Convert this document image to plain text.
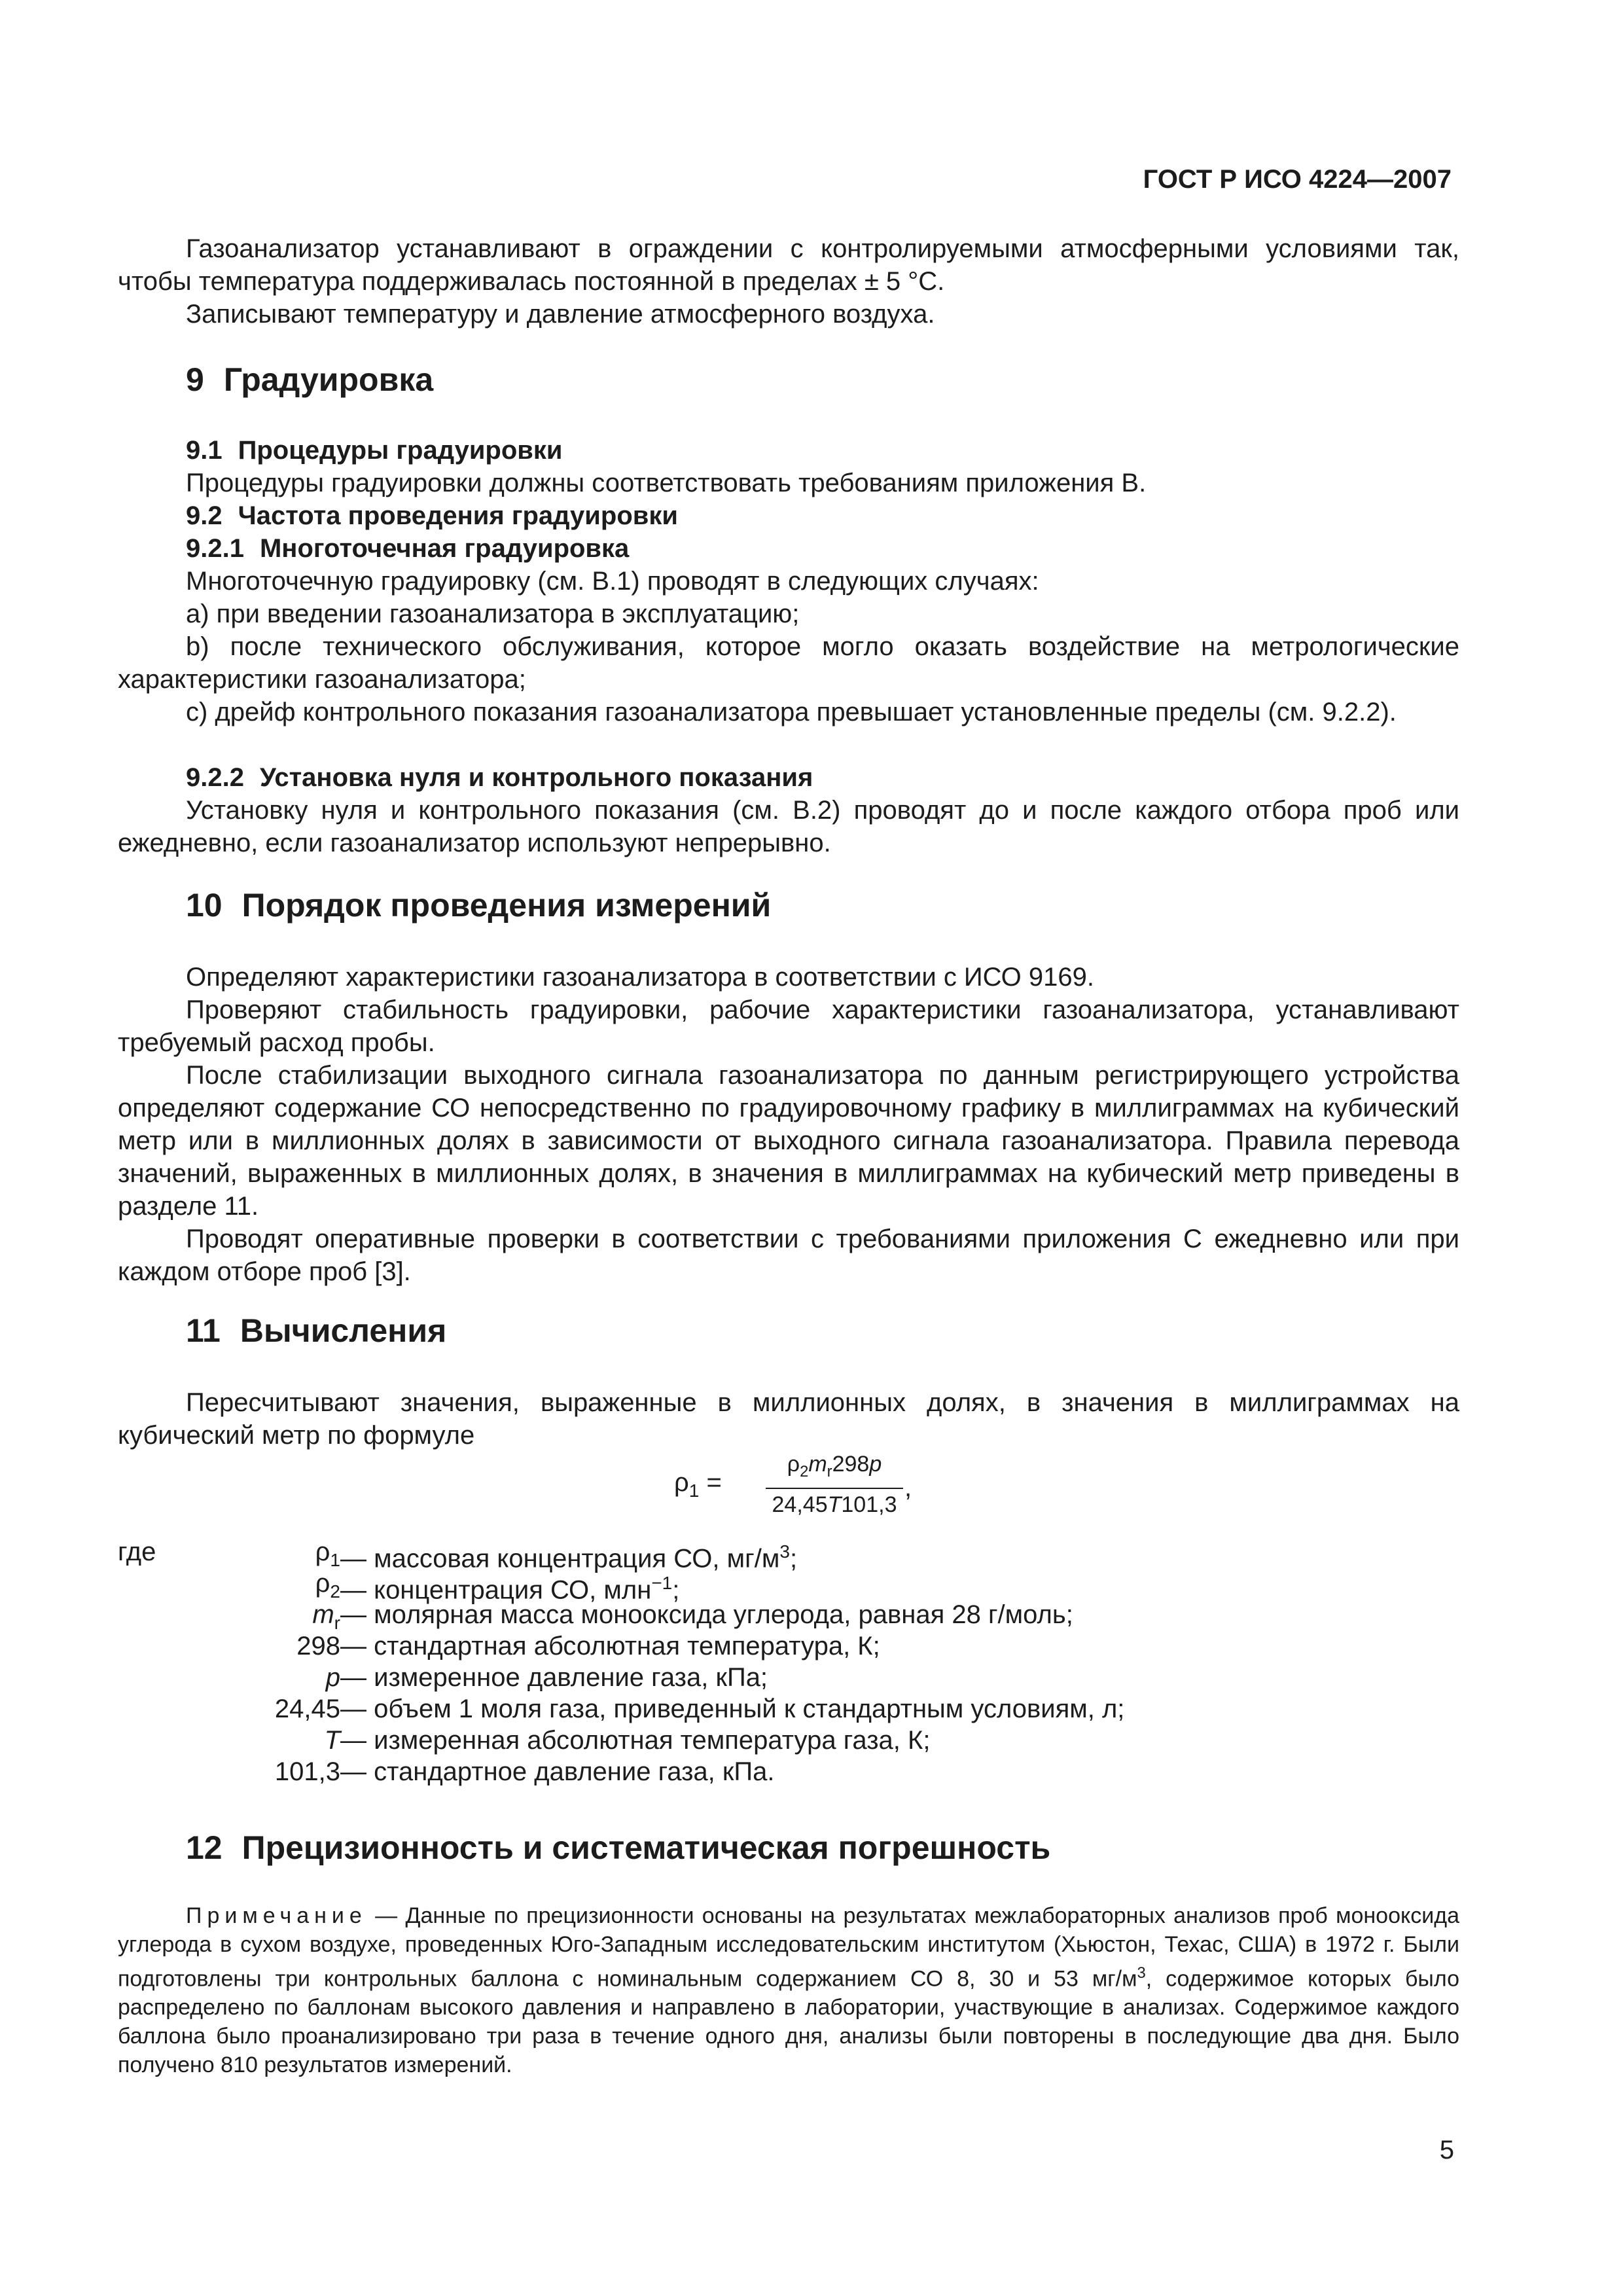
ГОСТ Р ИСО 4224—2007

Газоанализатор устанавливают в ограждении с контролируемыми атмосферными условиями так, чтобы температура поддерживалась постоянной в пределах ± 5 °С.

Записывают температуру и давление атмосферного воздуха.

9 Градуировка
9.1 Процедуры градуировки

Процедуры градуировки должны соответствовать требованиям приложения В.

9.2 Частота проведения градуировки
9.2.1 Многоточечная градуировка

Многоточечную градуировку (см. В.1) проводят в следующих случаях:

a) при введении газоанализатора в эксплуатацию;

b) после технического обслуживания, которое могло оказать воздействие на метрологические характеристики газоанализатора;

c) дрейф контрольного показания газоанализатора превышает установленные пределы (см. 9.2.2).

9.2.2 Установка нуля и контрольного показания

Установку нуля и контрольного показания (см. В.2) проводят до и после каждого отбора проб или ежедневно, если газоанализатор используют непрерывно.

10 Порядок проведения измерений

Определяют характеристики газоанализатора в соответствии с ИСО 9169.

Проверяют стабильность градуировки, рабочие характеристики газоанализатора, устанавливают требуемый расход пробы.

После стабилизации выходного сигнала газоанализатора по данным регистрирующего устройства определяют содержание СО непосредственно по градуировочному графику в миллиграммах на кубический метр или в миллионных долях в зависимости от выходного сигнала газоанализатора. Правила перевода значений, выраженных в миллионных долях, в значения в миллиграммах на кубический метр приведены в разделе 11.

Проводят оперативные проверки в соответствии с требованиями приложения С ежедневно или при каждом отборе проб [3].

11 Вычисления

Пересчитывают значения, выраженные в миллионных долях, в значения в миллиграммах на кубический метр по формуле

$\rho_1$ =
$\rho_2m_r298p$
24,45T101,3
,
где	$\rho_1$ — массовая концентрация СО, $мг/м^3$;
$\rho_2$ — концентрация СО, млн$^{-1}$;
$m_r$ — молярная масса монооксида углерода, равная 28 г/моль;
298 — стандартная абсолютная температура, К;
p — измеренное давление газа, кПа;
24,45 — объем 1 моля газа, приведенный к стандартным условиям, л;
T — измеренная абсолютная температура газа, К;
101,3 — стандартное давление газа, кПа.
12 Прецизионность и систематическая погрешность

Примечание — Данные по прецизионности основаны на результатах межлабораторных анализов проб монооксида углерода в сухом воздухе, проведенных Юго-Западным исследовательским институтом (Хьюстон, Техас, США) в 1972 г. Были подготовлены три контрольных баллона с номинальным содержанием СО 8, 30 и 53 $мг/м^3$, содержимое которых было распределено по баллонам высокого давления и направлено в лаборатории, участвующие в анализах. Содержимое каждого баллона было проанализировано три раза в течение одного дня, анализы были повторены в последующие два дня. Было получено 810 результатов измерений.

5
